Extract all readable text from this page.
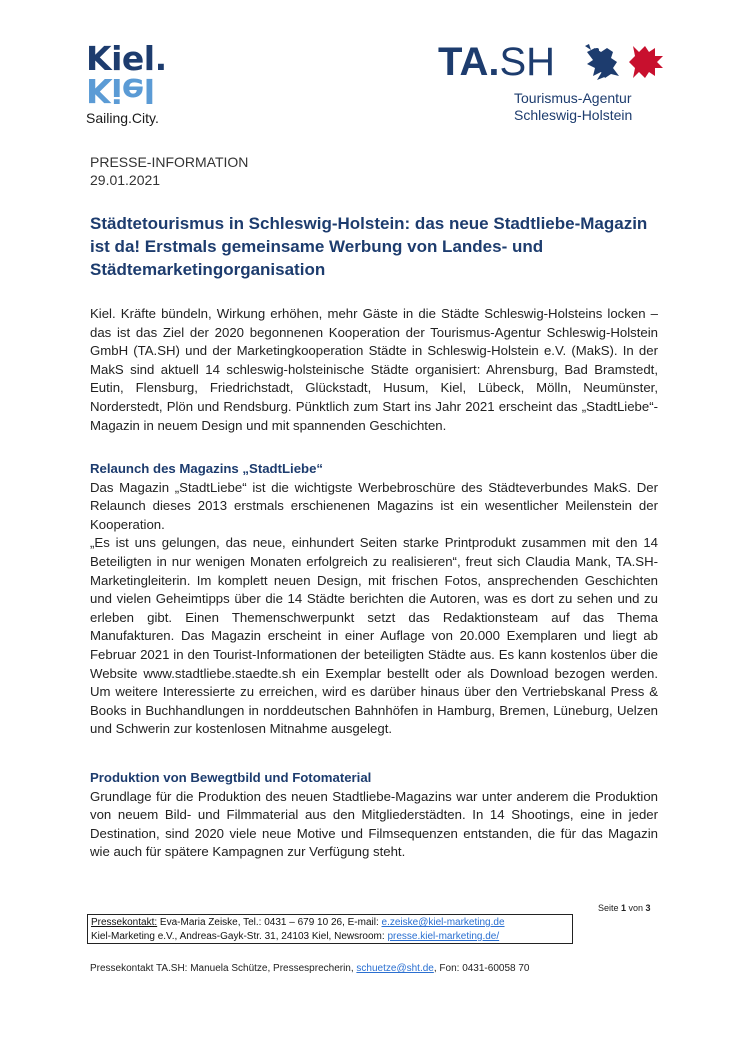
Kiel.
Kiel
Sailing.City.
TA.SH
Tourismus-Agentur
Schleswig-Holstein
PRESSE-INFORMATION
29.01.2021
Städtetourismus in Schleswig-Holstein: das neue Stadtliebe-Magazin ist da! Erstmals gemeinsame Werbung von Landes- und Städtemarketingorganisation

Kiel. Kräfte bündeln, Wirkung erhöhen, mehr Gäste in die Städte Schleswig-Holsteins locken – das ist das Ziel der 2020 begonnenen Kooperation der Tourismus-Agentur Schleswig-Holstein GmbH (TA.SH) und der Marketingkooperation Städte in Schleswig-Holstein e.V. (MakS). In der MakS sind aktuell 14 schleswig-holsteinische Städte organisiert: Ahrensburg, Bad Bramstedt, Eutin, Flensburg, Friedrichstadt, Glückstadt, Husum, Kiel, Lübeck, Mölln, Neumünster, Norderstedt, Plön und Rendsburg. Pünktlich zum Start ins Jahr 2021 erscheint das „StadtLiebe“-Magazin in neuem Design und mit spannenden Geschichten.

Relaunch des Magazins „StadtLiebe“

Das Magazin „StadtLiebe“ ist die wichtigste Werbebroschüre des Städteverbundes MakS. Der Relaunch dieses 2013 erstmals erschienenen Magazins ist ein wesentlicher Meilenstein der Kooperation.

„Es ist uns gelungen, das neue, einhundert Seiten starke Printprodukt zusammen mit den 14 Beteiligten in nur wenigen Monaten erfolgreich zu realisieren“, freut sich Claudia Mank, TA.SH-Marketingleiterin. Im komplett neuen Design, mit frischen Fotos, ansprechenden Geschichten und vielen Geheimtipps über die 14 Städte berichten die Autoren, was es dort zu sehen und zu erleben gibt. Einen Themenschwerpunkt setzt das Redaktionsteam auf das Thema Manufakturen. Das Magazin erscheint in einer Auflage von 20.000 Exemplaren und liegt ab Februar 2021 in den Tourist-Informationen der beteiligten Städte aus. Es kann kostenlos über die Website www.stadtliebe.staedte.sh ein Exemplar bestellt oder als Download bezogen werden. Um weitere Interessierte zu erreichen, wird es darüber hinaus über den Vertriebskanal Press & Books in Buchhandlungen in norddeutschen Bahnhöfen in Hamburg, Bremen, Lüneburg, Uelzen und Schwerin zur kostenlosen Mitnahme ausgelegt.

Produktion von Bewegtbild und Fotomaterial

Grundlage für die Produktion des neuen Stadtliebe-Magazins war unter anderem die Produktion von neuem Bild- und Filmmaterial aus den Mitgliederstädten. In 14 Shootings, eine in jeder Destination, sind 2020 viele neue Motive und Filmsequenzen entstanden, die für das Magazin wie auch für spätere Kampagnen zur Verfügung steht.

Seite 1 von 3
Pressekontakt: Eva-Maria Zeiske, Tel.: 0431 – 679 10 26, E-mail: e.zeiske@kiel-marketing.de
Kiel-Marketing e.V., Andreas-Gayk-Str. 31, 24103 Kiel, Newsroom: presse.kiel-marketing.de/
Pressekontakt TA.SH: Manuela Schütze, Pressesprecherin, schuetze@sht.de, Fon: 0431-60058 70
